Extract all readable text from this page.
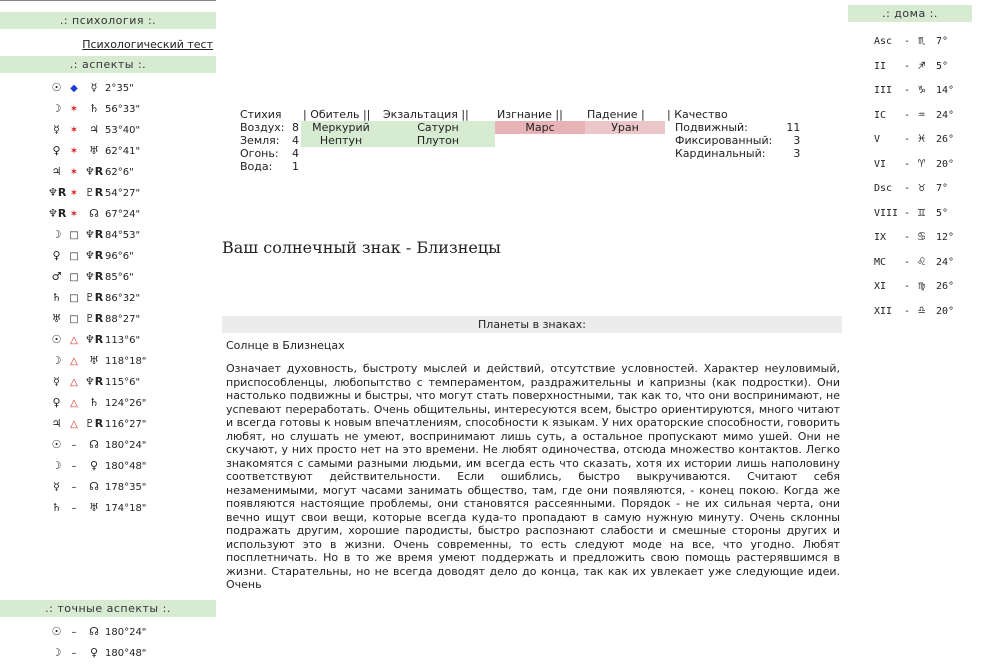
.: психология :.
Психологический тест
.: аспекты :.
☉ ◆ ☿ 2°35"
☽ ✶ ♄ 56°33"
☿ ✶ ♃ 53°40"
♀ ✶ ♅ 62°41"
♃ ✶ ♆R 62°6"
♆R ✶ ♇R 54°27"
♆R ✶ ☊ 67°24"
☽ □ ♆R 84°53"
♀ □ ♆R 96°6"
♂ □ ♆R 85°6"
♄ □ ♇R 86°32"
♅ □ ♇R 88°27"
☉ △ ♆R 113°6"
☽ △ ♅ 118°18"
☿ △ ♆R 115°6"
♀ △ ♄ 124°26"
♃ △ ♇R 116°27"
☉ – ☊ 180°24"
☽ – ♀ 180°48"
☿ – ☊ 178°35"
♄ – ♅ 174°18"
.: точные аспекты :.
☉ – ☊ 180°24"
☽ – ♀ 180°48"
Стихия		| Обитель ||	Экзальтация ||	Изгнание ||	Падение |	| Качество	
Воздух:	8	Меркурий	Сатурн	Марс	Уран	Подвижный:	11
Земля:	4	Нептун	Плутон			Фиксированный:	3
Огонь:	4					Кардинальный:	3
Вода:	1						
Ваш солнечный знак - Близнецы
Планеты в знаках:
Солнце в Близнецах
Означает духовность, быстроту мыслей и действий, отсутствие условностей. Характер неуловимый, приспособленцы, любопытство с темпераментом, раздражительны и капризны (как подростки). Они настолько подвижны и быстры, что могут стать поверхностными, так как то, что они воспринимают, не успевают переработать. Очень общительны, интересуются всем, быстро ориентируются, много читают и всегда готовы к новым впечатлениям, способности к языкам. У них ораторские способности, говорить любят, но слушать не умеют, воспринимают лишь суть, а остальное пропускают мимо ушей. Они не скучают, у них просто нет на это времени. Не любят одиночества, отсюда множество контактов. Легко знакомятся с самыми разными людьми, им всегда есть что сказать, хотя их истории лишь наполовину соответствуют действительности. Если ошиблись, быстро выкручиваются. Считают себя незаменимыми, могут часами занимать общество, там, где они появляются, - конец покою. Когда же появляются настоящие проблемы, они становятся рассеянными. Порядок - не их сильная черта, они вечно ищут свои вещи, которые всегда куда-то пропадают в самую нужную минуту. Очень склонны подражать другим, хорошие пародисты, быстро распознают слабости и смешные стороны других и используют это в жизни. Очень современны, то есть следуют моде на все, что угодно. Любят посплетничать. Но в то же время умеют поддержать и предложить свою помощь растерявшимся в жизни. Старательны, но не всегда доводят дело до конца, так как их увлекает уже следующие идеи. Очень
.: дома :.
Asc - ♏ 7°
II - ♐ 5°
III - ♑ 14°
IC - ♒ 24°
V - ♓ 26°
VI - ♈ 20°
Dsc - ♉ 7°
VIII - ♊ 5°
IX - ♋ 12°
MC - ♌ 24°
XI - ♍ 26°
XII - ♎ 20°
